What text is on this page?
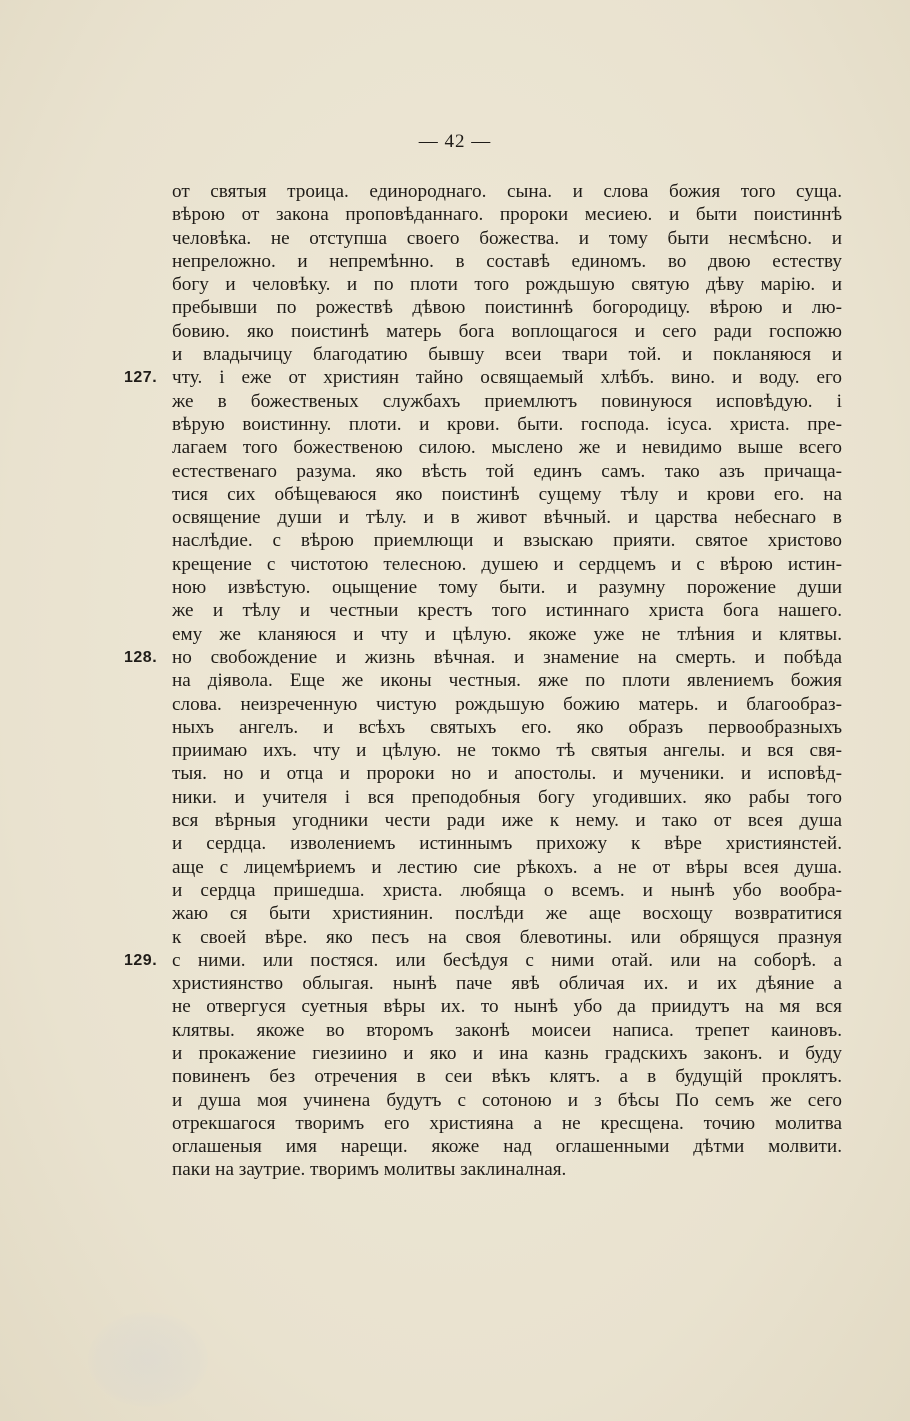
— 42 —
от святыя троица. единороднаго. сына. и слова божия того суща.
вѣрою от закона проповѣданнаго. пророки месиею. и быти поистиннѣ
человѣка. не отступша своего божества. и тому быти несмѣсно. и
непреложно. и непремѣнно. в составѣ единомъ. во двою естеству
богу и человѣку. и по плоти того рождьшую святую дѣву марiю. и
пребывши по рожествѣ дѣвою поистиннѣ богородицу. вѣрою и лю-
бовию. яко поистинѣ матерь бога воплощагося и сего ради госпожю
и владычицу благодатию бывшу всеи твари той. и покланяюся и
чту. i еже от християн тайно освящаемый хлѣбъ. вино. и воду. его
127.
же в божественых службахъ приемлютъ повинуюся исповѣдую. i
вѣрую воистинну. плоти. и крови. быти. господа. iсуса. христа. пре-
лагаем того божественою силою. мыслено же и невидимо выше всего
естественаго разума. яко вѣсть той единъ самъ. тако азъ причаща-
тися сих обѣщеваюся яко поистинѣ сущему тѣлу и крови его. на
освящение души и тѣлу. и в живот вѣчный. и царства небеснаго в
наслѣдие. с вѣрою приемлющи и взыскаю прияти. святое христово
крещение с чистотою телесною. душею и сердцемъ и с вѣрою истин-
ною извѣстую. оцыщение тому быти. и разумну порожение души
же и тѣлу и честныи крестъ того истиннаго христа бога нашего.
ему же кланяюся и чту и цѣлую. якоже уже не тлѣния и клятвы.
но свобождение и жизнь вѣчная. и знамение на смерть. и побѣда
128.
на дiявола. Еще же иконы честныя. яже по плоти явлениемъ божия
слова. неизреченную чистую рождьшую божию матерь. и благообраз-
ныхъ ангелъ. и всѣхъ святыхъ его. яко образъ первообразныхъ
приимаю ихъ. чту и цѣлую. не токмо тѣ святыя ангелы. и вся свя-
тыя. но и отца и пророки но и апостолы. и мученики. и исповѣд-
ники. и учителя i вся преподобныя богу угодивших. яко рабы того
вся вѣрныя угодники чести ради иже к нему. и тако от всея душа
и сердца. изволениемъ истиннымъ прихожу к вѣре християнстей.
аще с лицемѣриемъ и лестию сие рѣкохъ. а не от вѣры всея душа.
и сердца пришедша. христа. любяща о всемъ. и нынѣ убо вообра-
жаю ся быти християнин. послѣди же аще восхощу возвратитися
к своей вѣре. яко песъ на своя блевотины. или обрящуся празнуя
с ними. или постяся. или бесѣдуя с ними отай. или на соборѣ. а
129.
християнство облыгая. нынѣ паче явѣ обличая их. и их дѣяние а
не отвергуся суетныя вѣры их. то нынѣ убо да приидутъ на мя вся
клятвы. якоже во второмъ законѣ моисеи написа. трепет каиновъ.
и прокажение гиезиино и яко и ина казнь градскихъ законъ. и буду
повиненъ без отречения в сеи вѣкъ клятъ. а в будущiй проклятъ.
и душа моя учинена будутъ с сотоною и з бѣсы По семъ же сего
отрекшагося творимъ его християна а не кресщена. точию молитва
оглашеныя имя нарещи. якоже над оглашенными дѣтми молвити.
паки на заутрие. творимъ молитвы заклиналная.
